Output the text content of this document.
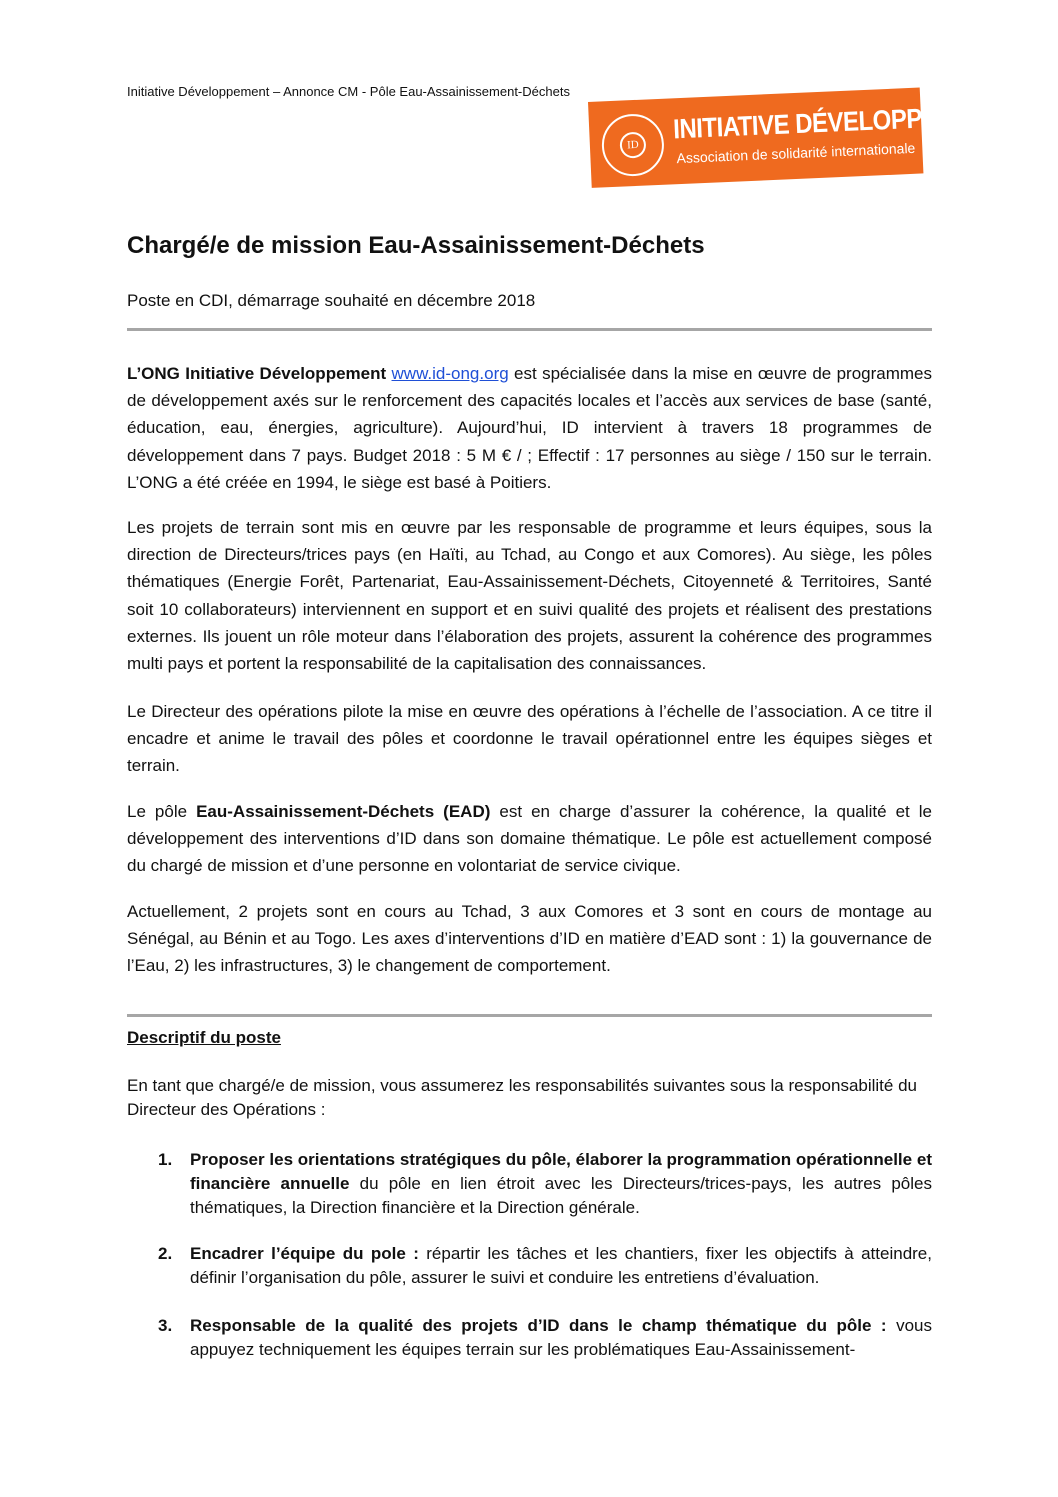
Initiative Développement – Annonce CM - Pôle Eau-Assainissement-Déchets
ID	INITIATIVE DÉVELOPPEMENT
Association de solidarité internationale
Chargé/e de mission Eau-Assainissement-Déchets
Poste en CDI, démarrage souhaité en décembre 2018

L’ONG Initiative Développement www.id-ong.org est spécialisée dans la mise en œuvre de programmes de développement axés sur le renforcement des capacités locales et l’accès aux services de base (santé, éducation, eau, énergies, agriculture). Aujourd’hui, ID intervient à travers 18 programmes de développement dans 7 pays. Budget 2018 : 5 M € / ; Effectif : 17 personnes au siège / 150 sur le terrain. L’ONG a été créée en 1994, le siège est basé à Poitiers.

Les projets de terrain sont mis en œuvre par les responsable de programme et leurs équipes, sous la direction de Directeurs/trices pays (en Haïti, au Tchad, au Congo et aux Comores). Au siège, les pôles thématiques (Energie Forêt, Partenariat, Eau-Assainissement-Déchets, Citoyenneté & Territoires, Santé soit 10 collaborateurs) interviennent en support et en suivi qualité des projets et réalisent des prestations externes. Ils jouent un rôle moteur dans l’élaboration des projets, assurent la cohérence des programmes multi pays et portent la responsabilité de la capitalisation des connaissances.

Le Directeur des opérations pilote la mise en œuvre des opérations à l’échelle de l’association. A ce titre il encadre et anime le travail des pôles et coordonne le travail opérationnel entre les équipes sièges et terrain.

Le pôle Eau-Assainissement-Déchets (EAD) est en charge d’assurer la cohérence, la qualité et le développement des interventions d’ID dans son domaine thématique. Le pôle est actuellement composé du chargé de mission et d’une personne en volontariat de service civique.

Actuellement, 2 projets sont en cours au Tchad, 3 aux Comores et 3 sont en cours de montage au Sénégal, au Bénin et au Togo. Les axes d’interventions d’ID en matière d’EAD sont : 1) la gouvernance de l’Eau, 2) les infrastructures, 3) le changement de comportement.

Descriptif du poste

En tant que chargé/e de mission, vous assumerez les responsabilités suivantes sous la responsabilité du Directeur des Opérations :

1. Proposer les orientations stratégiques du pôle, élaborer la programmation opérationnelle et financière annuelle du pôle en lien étroit avec les Directeurs/trices-pays, les autres pôles thématiques, la Direction financière et la Direction générale.
2. Encadrer l’équipe du pole : répartir les tâches et les chantiers, fixer les objectifs à atteindre, définir l’organisation du pôle, assurer le suivi et conduire les entretiens d’évaluation.
3. Responsable de la qualité des projets d’ID dans le champ thématique du pôle : vous appuyez techniquement les équipes terrain sur les problématiques Eau-Assainissement-
